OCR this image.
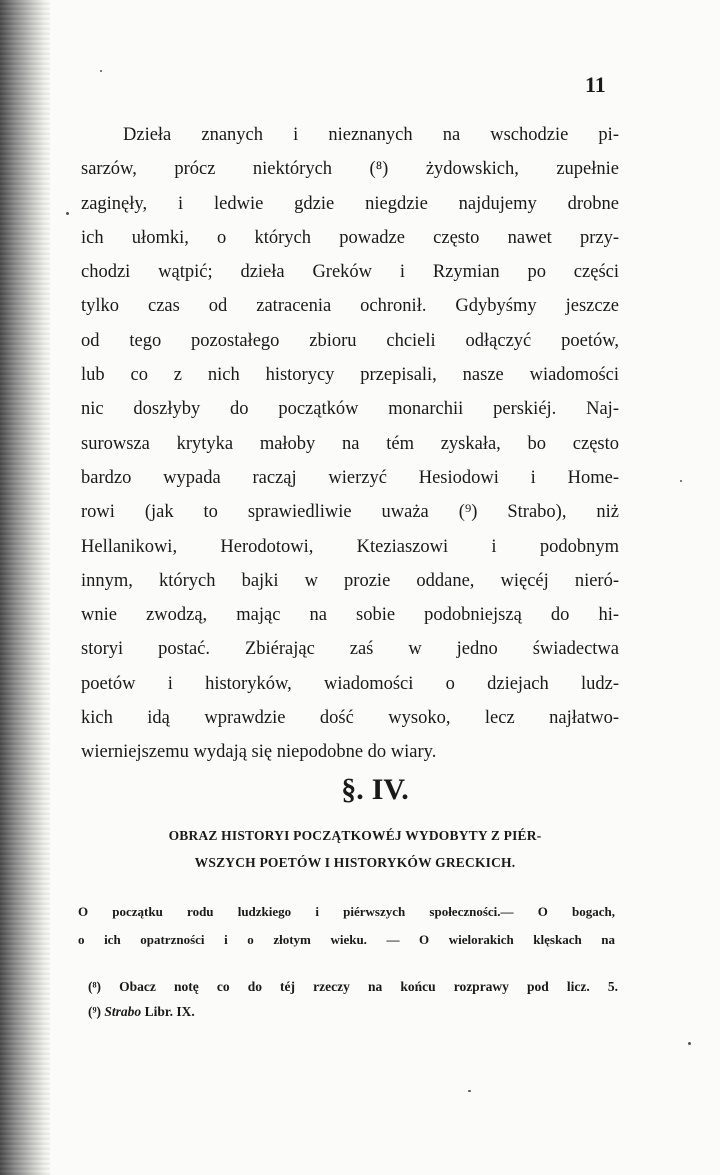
11
Dzieła znanych i nieznanych na wschodzie pi-
sarzów, prócz niektórych (⁸) żydowskich, zupełnie
zaginęły, i ledwie gdzie niegdzie najdujemy drobne
ich ułomki, o których powadze często nawet przy-
chodzi wątpić; dzieła Greków i Rzymian po części
tylko czas od zatracenia ochronił. Gdybyśmy jeszcze
od tego pozostałego zbioru chcieli odłączyć poetów,
lub co z nich historycy przepisali, nasze wiadomości
nic doszłyby do początków monarchii perskiéj. Naj-
surowsza krytyka małoby na tém zyskała, bo często
bardzo wypada racząj wierzyć Hesiodowi i Home-
rowi (jak to sprawiedliwie uważa (⁹) Strabo), niż
Hellanikowi, Herodotowi, Kteziaszowi i podobnym
innym, których bajki w prozie oddane, więcéj nieró-
wnie zwodzą, mając na sobie podobniejszą do hi-
storyi postać. Zbiérając zaś w jedno świadectwa
poetów i historyków, wiadomości o dziejach ludz-
kich idą wprawdzie dość wysoko, lecz najłatwo-
wierniejszemu wydają się niepodobne do wiary.
§. IV.
OBRAZ HISTORYI POCZĄTKOWÉJ WYDOBYTY Z PIÉR-
WSZYCH POETÓW I HISTORYKÓW GRECKICH.
O początku rodu ludzkiego i piérwszych społeczności.— O bogach,
o ich opatrzności i o złotym wieku. — O wielorakich klęskach na
(⁸) Obacz notę co do téj rzeczy na końcu rozprawy pod licz. 5.
(⁹) Strabo Libr. IX.
